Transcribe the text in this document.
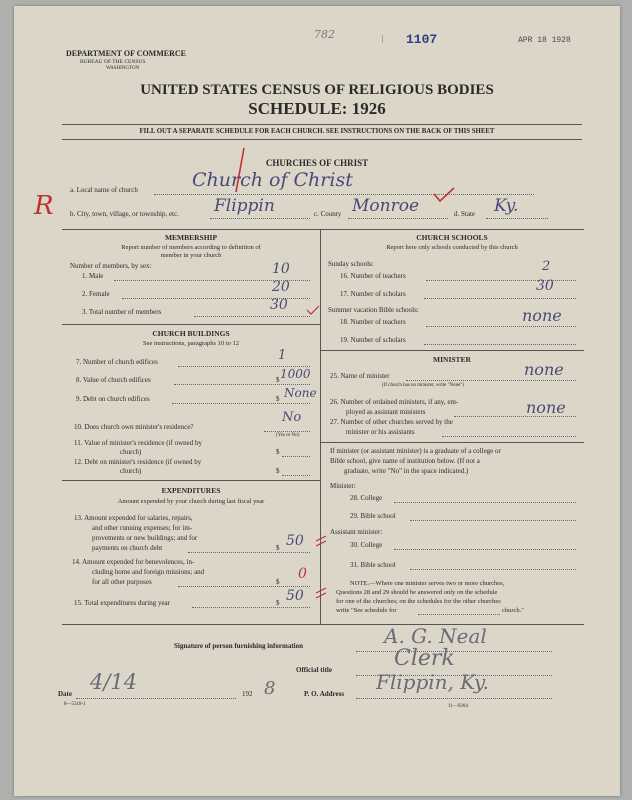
782	| 1107	APR 18 1928
R
DEPARTMENT OF COMMERCE
BUREAU OF THE CENSUS
WASHINGTON
UNITED STATES CENSUS OF RELIGIOUS BODIES
SCHEDULE: 1926
FILL OUT A SEPARATE SCHEDULE FOR EACH CHURCH. SEE INSTRUCTIONS ON THE BACK OF THIS SHEET
CHURCHES OF CHRIST
a. Local name of church	Church of Christ
b. City, town, village, or township, etc. Flippin	c. County Monroe	d. State Ky.
MEMBERSHIP
Report number of members according to definition of
member in your church
Number of members, by sex:
1. Male	10
2. Female	20
3. Total number of members	30
CHURCH BUILDINGS
See instructions, paragraphs 10 to 12
7. Number of church edifices	1
8. Value of church edifices	$ 1000
9. Debt on church edifices	$ None
10. Does church own minister's residence?
No
(Yes or No)
11. Value of minister's residence (if owned by
church)	$
12. Debt on minister's residence (if owned by
church)	$
EXPENDITURES
Amount expended by your church during last fiscal year
13. Amount expended for salaries, repairs,
and other running expenses; for im-
provements or new buildings; and for
payments on church debt	$ 50
14. Amount expended for benevolences, in-
cluding home and foreign missions; and
for all other purposes	$ 0
15. Total expenditures during year	$ 50
CHURCH SCHOOLS
Report here only schools conducted by this church
Sunday schools:
16. Number of teachers
2
17. Number of scholars	30
Summer vacation Bible schools:
18. Number of teachers	none
19. Number of scholars
MINISTER
25. Name of minister	none
(If church has no minister, write "None")
26. Number of ordained ministers, if any, em-
ployed as assistant ministers	none
27. Number of other churches served by the
minister or his assistants
If minister (or assistant minister) is a graduate of a college or
Bible school, give name of institution below. (If not a
graduate, write "No" in the space indicated.)
Minister:
28. College
29. Bible school
Assistant minister:
30. College
31. Bible school
NOTE.—Where one minister serves two or more churches,
Questions 28 and 29 should be answered only on the schedule
for one of the churches; on the schedules for the other churches
write "See schedule for	church."
Signature of person furnishing information	A. G. Neal
Official title	Clerk
Date 4/14	192 8	P. O. Address Flippin, Ky.
8—5318-1	11—9264
